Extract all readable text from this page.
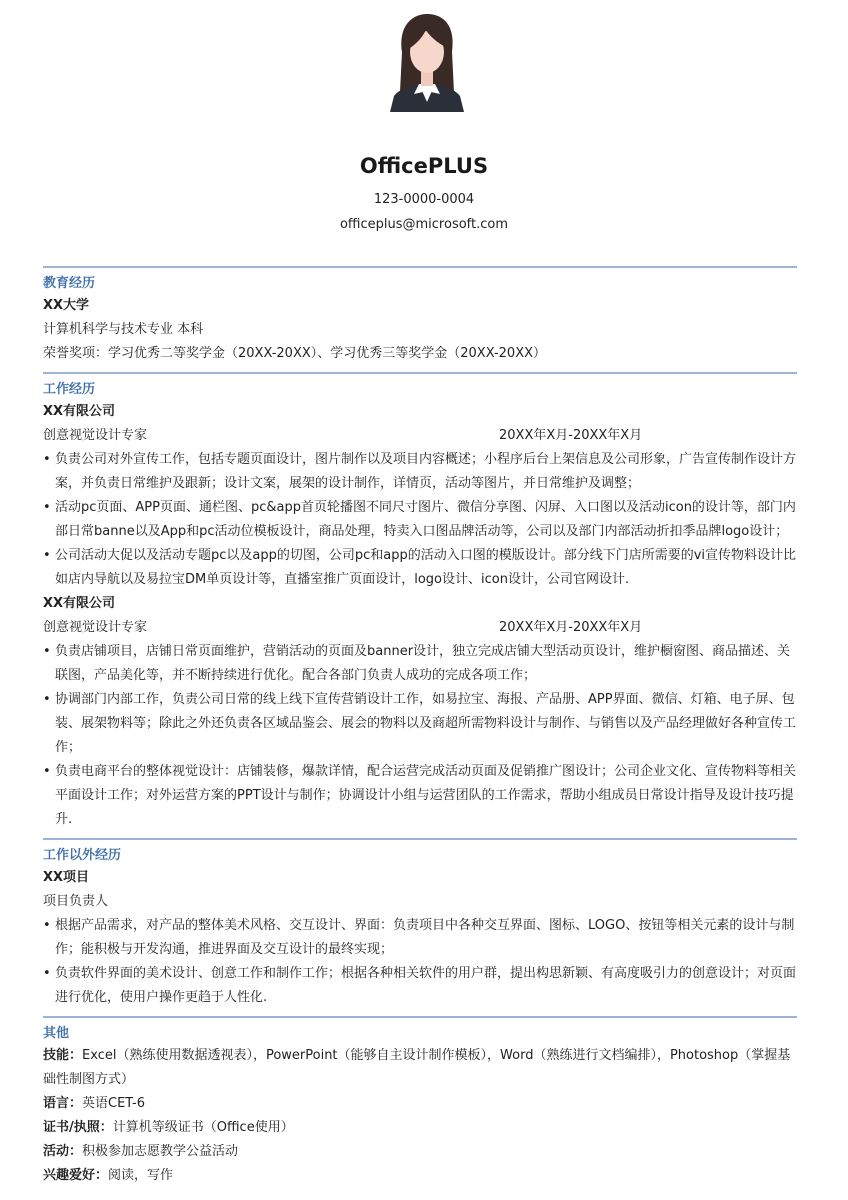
OfficePLUS
123-0000-0004
officeplus@microsoft.com
教育经历
XX大学
计算机科学与技术专业 本科
荣誉奖项：学习优秀二等奖学金（20XX-20XX）、学习优秀三等奖学金（20XX-20XX）
工作经历
XX有限公司
创意视觉设计专家	20XX年X月-20XX年X月
• 负责公司对外宣传工作，包括专题页面设计，图片制作以及项目内容概述；小程序后台上架信息及公司形象，广告宣传制作设计方案，并负责日常维护及跟新；设计文案，展架的设计制作，详情页，活动等图片，并日常维护及调整；
• 活动pc页面、APP页面、通栏图、pc&app首页轮播图不同尺寸图片、微信分享图、闪屏、入口图以及活动icon的设计等，部门内部日常banne以及App和pc活动位模板设计，商品处理，特卖入口图品牌活动等，公司以及部门内部活动折扣季品牌logo设计；
• 公司活动大促以及活动专题pc以及app的切图，公司pc和app的活动入口图的模版设计。部分线下门店所需要的vi宣传物料设计比如店内导航以及易拉宝DM单页设计等，直播室推广页面设计，logo设计、icon设计，公司官网设计.
XX有限公司
创意视觉设计专家	20XX年X月-20XX年X月
• 负责店铺项目，店铺日常页面维护，营销活动的页面及banner设计，独立完成店铺大型活动页设计，维护橱窗图、商品描述、关联图，产品美化等，并不断持续进行优化。配合各部门负责人成功的完成各项工作；
• 协调部门内部工作，负责公司日常的线上线下宣传营销设计工作，如易拉宝、海报、产品册、APP界面、微信、灯箱、电子屏、包装、展架物料等；除此之外还负责各区域品鉴会、展会的物料以及商超所需物料设计与制作、与销售以及产品经理做好各种宣传工作；
• 负责电商平台的整体视觉设计：店铺装修，爆款详情，配合运营完成活动页面及促销推广图设计；公司企业文化、宣传物料等相关平面设计工作；对外运营方案的PPT设计与制作；协调设计小组与运营团队的工作需求，帮助小组成员日常设计指导及设计技巧提升.
工作以外经历
XX项目
项目负责人
• 根据产品需求，对产品的整体美术风格、交互设计、界面：负责项目中各种交互界面、图标、LOGO、按钮等相关元素的设计与制作；能积极与开发沟通，推进界面及交互设计的最终实现；
• 负责软件界面的美术设计、创意工作和制作工作；根据各种相关软件的用户群，提出构思新颖、有高度吸引力的创意设计；对页面进行优化，使用户操作更趋于人性化.
其他
技能：Excel（熟练使用数据透视表），PowerPoint（能够自主设计制作模板），Word（熟练进行文档编排），Photoshop（掌握基础性制图方式）
语言：英语CET-6
证书/执照：计算机等级证书（Office使用）
活动：积极参加志愿教学公益活动
兴趣爱好：阅读，写作
